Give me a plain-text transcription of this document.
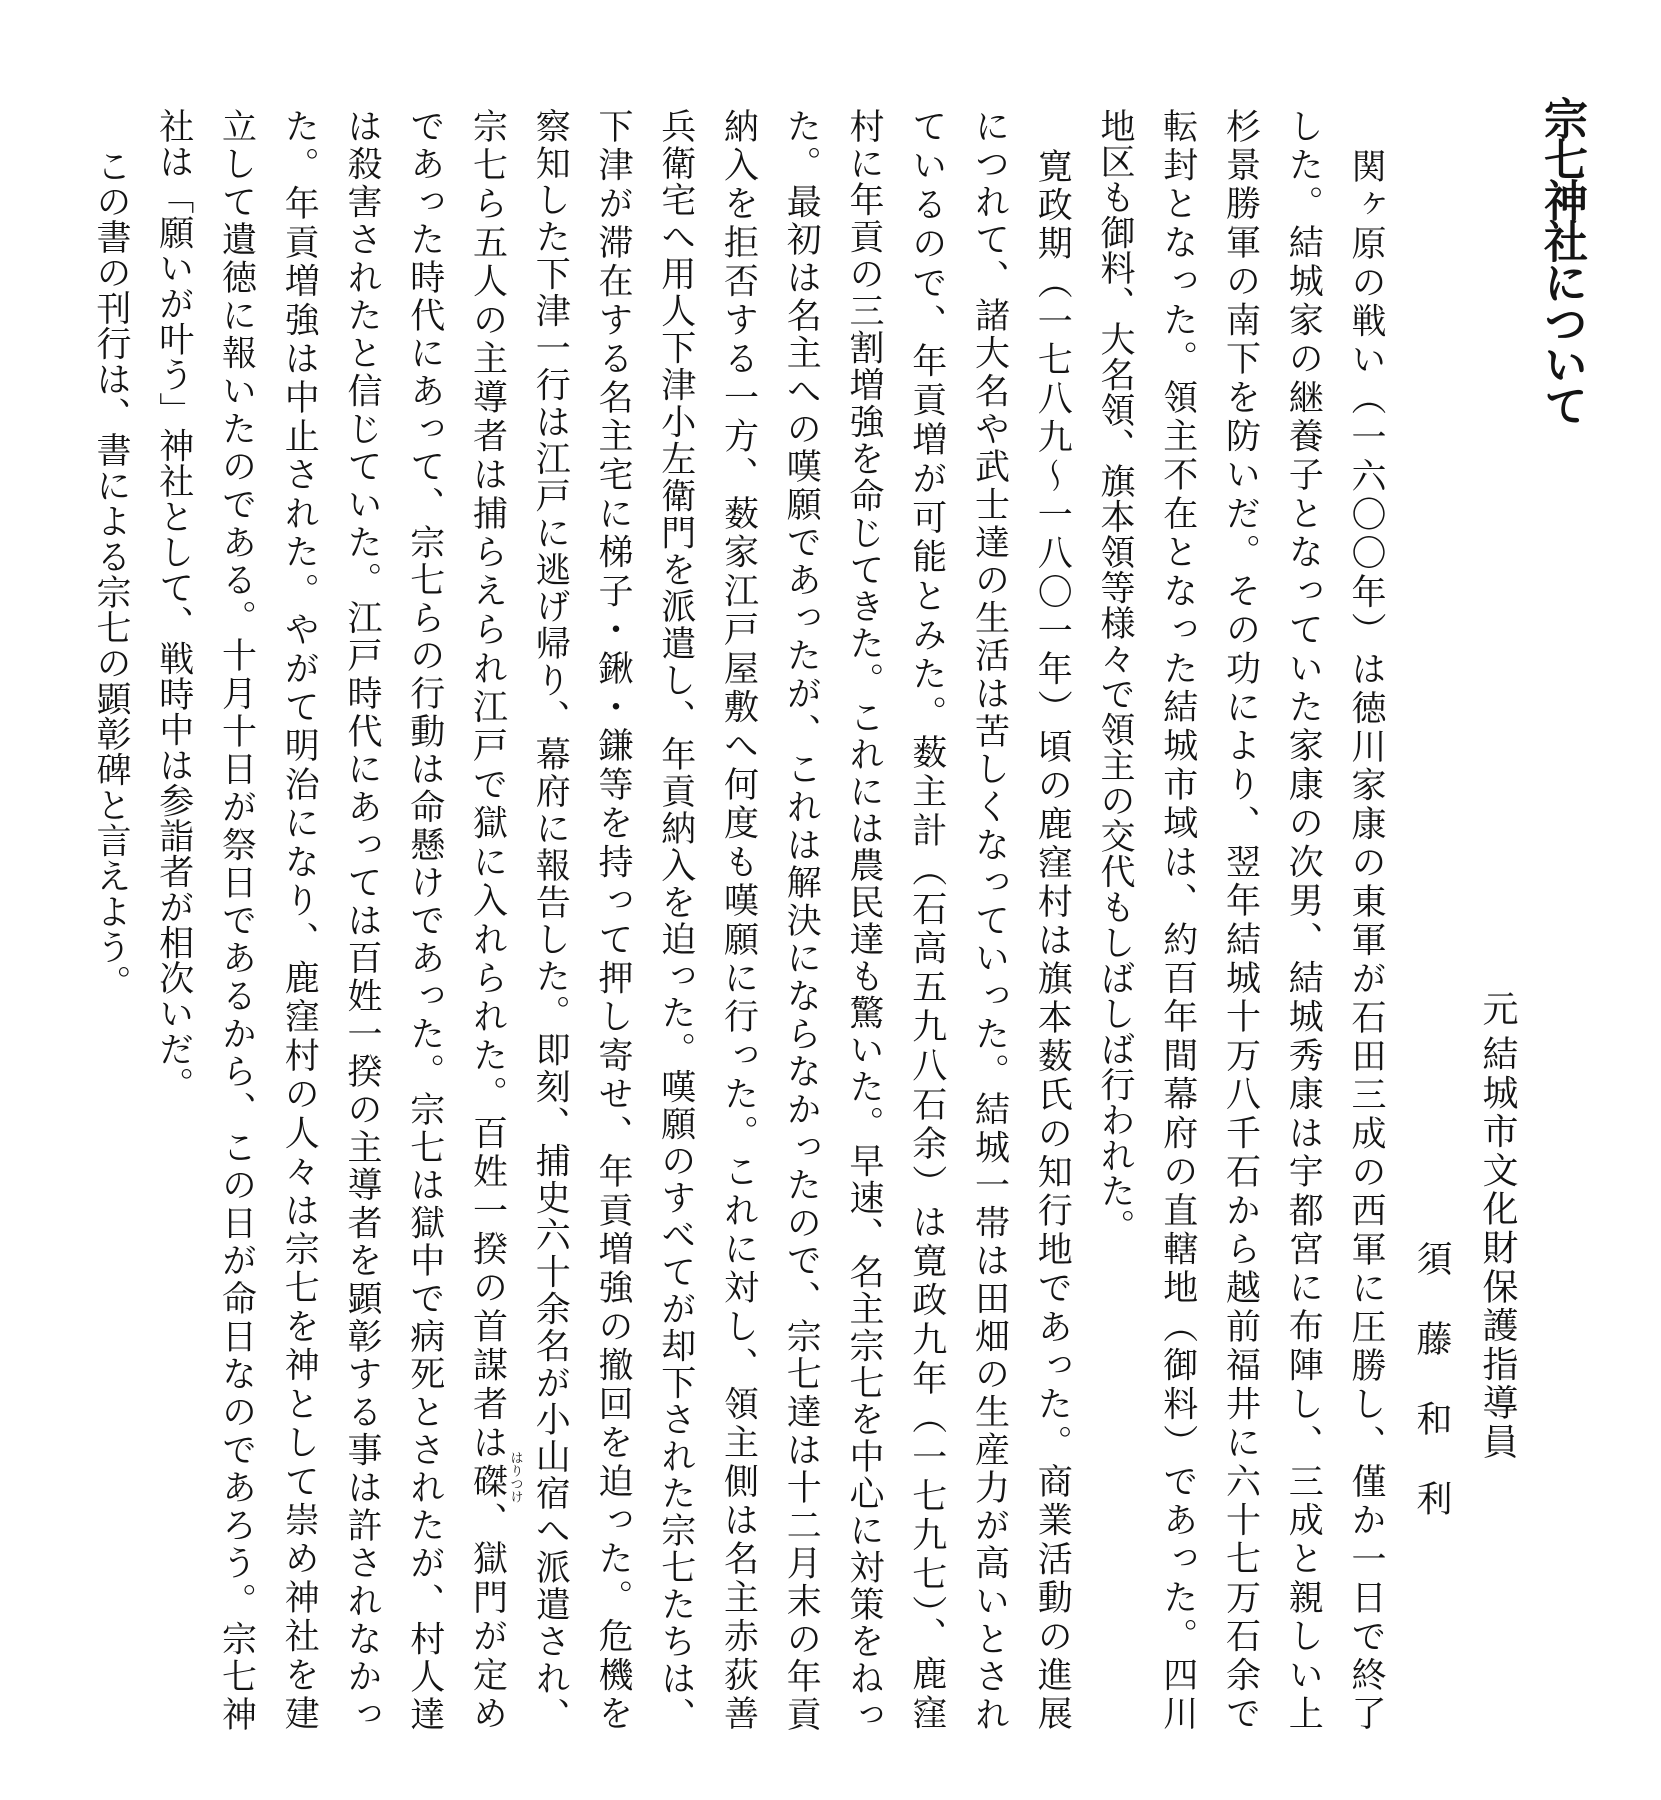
宗七神社について
元結城市文化財保護指導員
須藤和利
関ヶ原の戦い（一六〇〇年）は徳川家康の東軍が石田三成の西軍に圧勝し、僅か一日で終了
した。結城家の継養子となっていた家康の次男、結城秀康は宇都宮に布陣し、三成と親しい上
杉景勝軍の南下を防いだ。その功により、翌年結城十万八千石から越前福井に六十七万石余で
転封となった。領主不在となった結城市域は、約百年間幕府の直轄地（御料）であった。四川
地区も御料、大名領、旗本領等様々で領主の交代もしばしば行われた。
寛政期（一七八九～一八〇一年）頃の鹿窪村は旗本薮氏の知行地であった。商業活動の進展
につれて、諸大名や武士達の生活は苦しくなっていった。結城一帯は田畑の生産力が高いとされ
ているので、年貢増が可能とみた。薮主計（石高五九八石余）は寛政九年（一七九七）、鹿窪
村に年貢の三割増強を命じてきた。これには農民達も驚いた。早速、名主宗七を中心に対策をねっ
た。最初は名主への嘆願であったが、これは解決にならなかったので、宗七達は十二月末の年貢
納入を拒否する一方、薮家江戸屋敷へ何度も嘆願に行った。これに対し、領主側は名主赤荻善
兵衛宅へ用人下津小左衛門を派遣し、年貢納入を迫った。嘆願のすべてが却下された宗七たちは、
下津が滞在する名主宅に梯子・鍬・鎌等を持って押し寄せ、年貢増強の撤回を迫った。危機を
察知した下津一行は江戸に逃げ帰り、幕府に報告した。即刻、捕史六十余名が小山宿へ派遣され、
宗七ら五人の主導者は捕らえられ江戸で獄に入れられた。百姓一揆の首謀者は磔 はりつけ
、獄門が定め
であった時代にあって、宗七らの行動は命懸けであった。宗七は獄中で病死とされたが、村人達
は殺害されたと信じていた。江戸時代にあっては百姓一揆の主導者を顕彰する事は許されなかっ
た。年貢増強は中止された。やがて明治になり、鹿窪村の人々は宗七を神として崇め神社を建
立して遺徳に報いたのである。十月十日が祭日であるから、この日が命日なのであろう。宗七神
社は「願いが叶う」神社として、戦時中は参詣者が相次いだ。
この書の刊行は、書による宗七の顕彰碑と言えよう。
